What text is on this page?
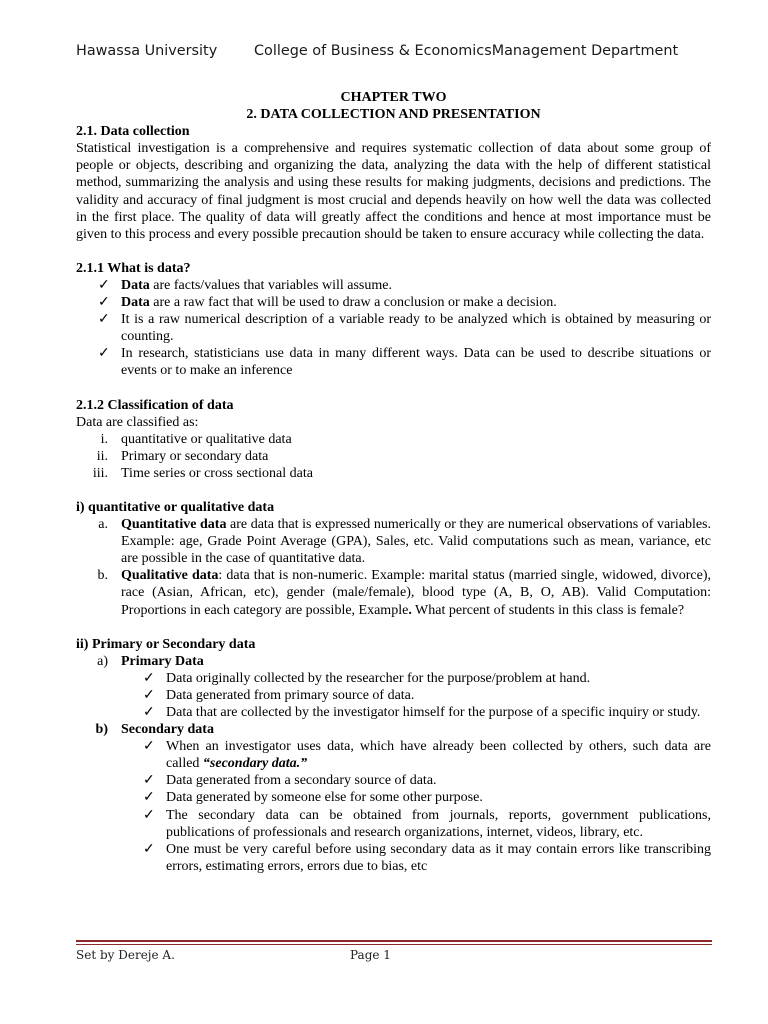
Hawassa University	College of Business & EconomicsManagement Department

CHAPTER TWO

2. DATA COLLECTION AND PRESENTATION

2.1. Data collection

Statistical investigation is a comprehensive and requires systematic collection of data about some group of people or objects, describing and organizing the data, analyzing the data with the help of different statistical method, summarizing the analysis and using these results for making judgments, decisions and predictions. The validity and accuracy of final judgment is most crucial and depends heavily on how well the data was collected in the first place. The quality of data will greatly affect the conditions and hence at most importance must be given to this process and every possible precaution should be taken to ensure accuracy while collecting the data.

2.1.1 What is data?

✓ Data are facts/values that variables will assume.
✓ Data are a raw fact that will be used to draw a conclusion or make a decision.
✓ It is a raw numerical description of a variable ready to be analyzed which is obtained by measuring or counting.
✓ In research, statisticians use data in many different ways. Data can be used to describe situations or events or to make an inference

2.1.2 Classification of data

Data are classified as:

i. quantitative or qualitative data
ii. Primary or secondary data
iii. Time series or cross sectional data

i) quantitative or qualitative data

a. Quantitative data are data that is expressed numerically or they are numerical observations of variables. Example: age, Grade Point Average (GPA), Sales, etc. Valid computations such as mean, variance, etc are possible in the case of quantitative data.
b. Qualitative data: data that is non-numeric. Example: marital status (married single, widowed, divorce), race (Asian, African, etc), gender (male/female), blood type (A, B, O, AB). Valid Computation: Proportions in each category are possible, Example. What percent of students in this class is female?

ii) Primary or Secondary data

a) Primary Data
✓ Data originally collected by the researcher for the purpose/problem at hand.
✓ Data generated from primary source of data.
✓ Data that are collected by the investigator himself for the purpose of a specific inquiry or study.
b) Secondary data
✓ When an investigator uses data, which have already been collected by others, such data are called “secondary data.”
✓ Data generated from a secondary source of data.
✓ Data generated by someone else for some other purpose.
✓ The secondary data can be obtained from journals, reports, government publications, publications of professionals and research organizations, internet, videos, library, etc.
✓ One must be very careful before using secondary data as it may contain errors like transcribing errors, estimating errors, errors due to bias, etc
Set by Dereje A.	Page 1
